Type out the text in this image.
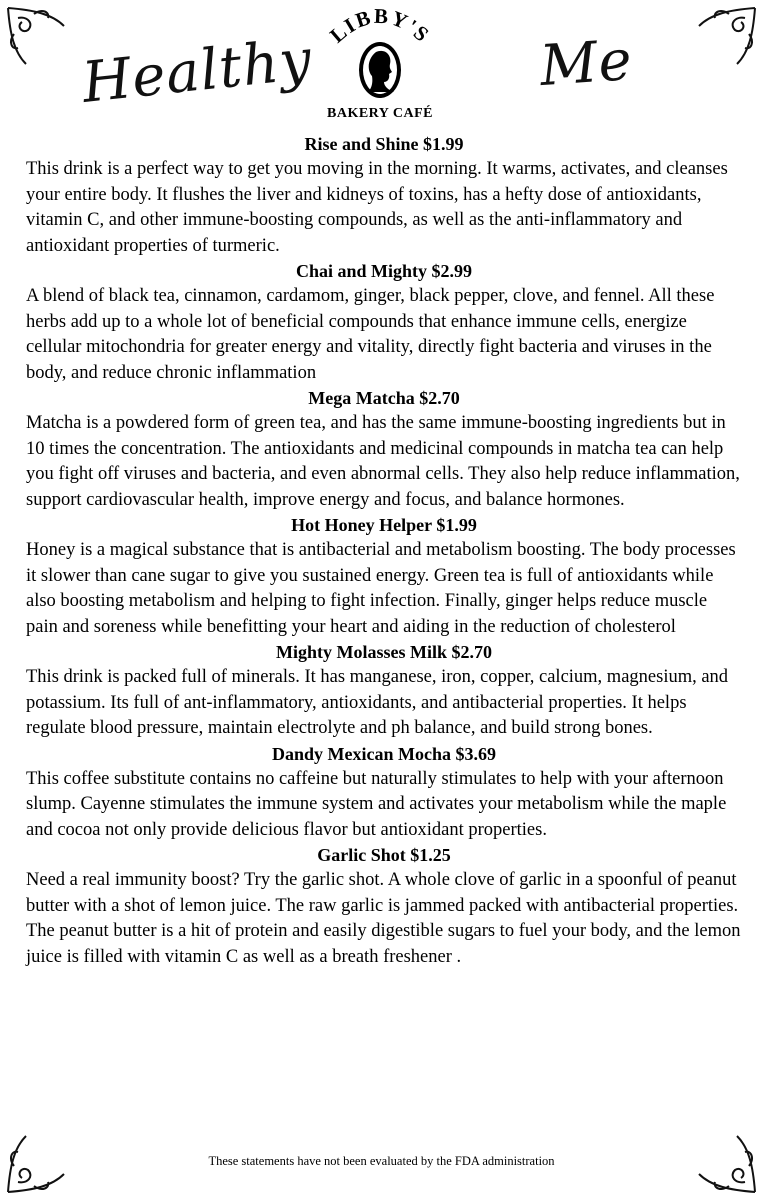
Healthy	Me
LIBBY'S
BAKERY CAFÉ

Rise and Shine $1.99

This drink is a perfect way to get you moving in the morning. It warms, activates, and cleanses your entire body. It flushes the liver and kidneys of toxins, has a hefty dose of antioxidants, vitamin C, and other immune-boosting compounds, as well as the anti-inflammatory and antioxidant properties of turmeric.

Chai and Mighty $2.99

A blend of black tea, cinnamon, cardamom, ginger, black pepper, clove, and fennel. All these herbs add up to a whole lot of beneficial compounds that enhance immune cells, energize cellular mitochondria for greater energy and vitality, directly fight bacteria and viruses in the body, and reduce chronic inflammation

Mega Matcha $2.70

Matcha is a powdered form of green tea, and has the same immune-boosting ingredients but in 10 times the concentration. The antioxidants and medicinal compounds in matcha tea can help you fight off viruses and bacteria, and even abnormal cells. They also help reduce inflammation, support cardiovascular health, improve energy and focus, and balance hormones.

Hot Honey Helper $1.99

Honey is a magical substance that is antibacterial and metabolism boosting. The body processes it slower than cane sugar to give you sustained energy. Green tea is full of antioxidants while also boosting metabolism and helping to fight infection. Finally, ginger helps reduce muscle pain and soreness while benefitting your heart and aiding in the reduction of cholesterol

Mighty Molasses Milk $2.70

This drink is packed full of minerals. It has manganese, iron, copper, calcium, magnesium, and potassium. Its full of ant-inflammatory, antioxidants, and antibacterial properties. It helps regulate blood pressure, maintain electrolyte and ph balance, and build strong bones.

Dandy Mexican Mocha $3.69

This coffee substitute contains no caffeine but naturally stimulates to help with your afternoon slump. Cayenne stimulates the immune system and activates your metabolism while the maple and cocoa not only provide delicious flavor but antioxidant properties.

Garlic Shot $1.25

Need a real immunity boost? Try the garlic shot. A whole clove of garlic in a spoonful of peanut butter with a shot of lemon juice. The raw garlic is jammed packed with antibacterial properties. The peanut butter is a hit of protein and easily digestible sugars to fuel your body, and the lemon juice is filled with vitamin C as well as a breath freshener .

These statements have not been evaluated by the FDA administration
